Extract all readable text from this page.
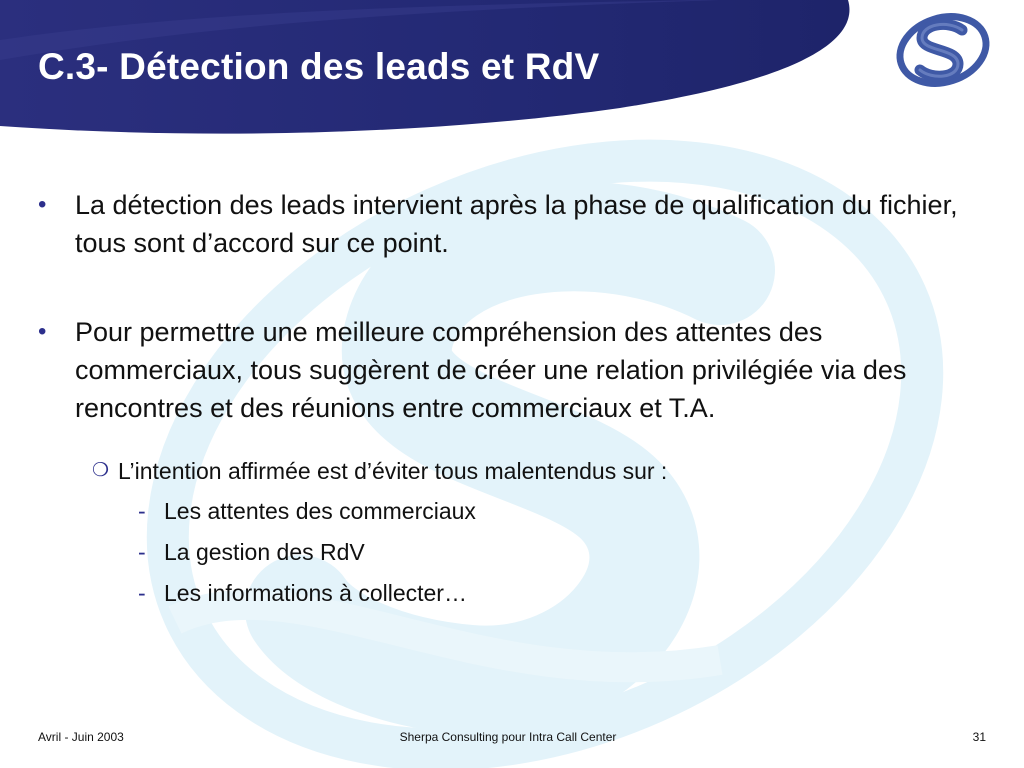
C.3- Détection des leads et RdV
• La détection des leads intervient après la phase de qualification du fichier, tous sont d’accord sur ce point.
• Pour permettre une meilleure compréhension des attentes des commerciaux, tous suggèrent de créer une relation privilégiée via des rencontres et des réunions entre commerciaux et T.A.
❍ L’intention affirmée est d’éviter tous malentendus sur :
- Les attentes des commerciaux
- La gestion des RdV
- Les informations à collecter…
Avril - Juin 2003	Sherpa Consulting pour Intra Call Center	31
